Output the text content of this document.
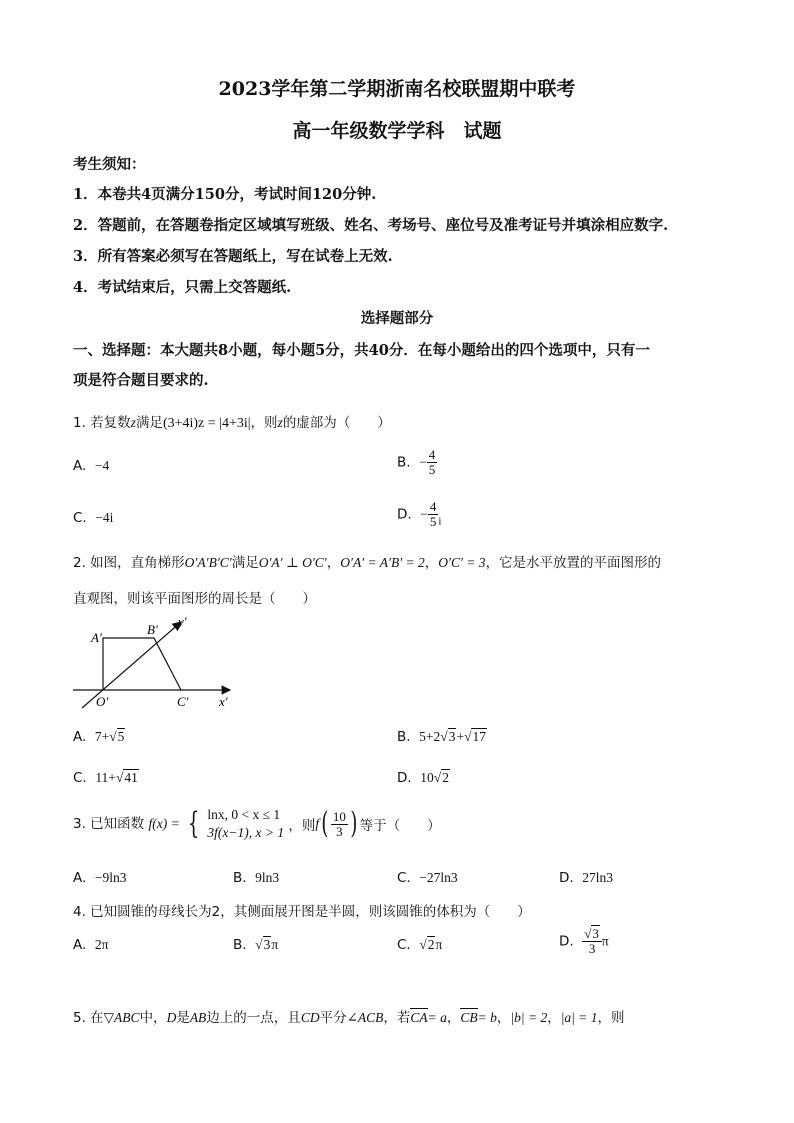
2023学年第二学期浙南名校联盟期中联考
高一年级数学学科　试题
考生须知：
1．本卷共4页满分150分，考试时间120分钟.
2．答题前，在答题卷指定区域填写班级、姓名、考场号、座位号及准考证号并填涂相应数字.
3．所有答案必须写在答题纸上，写在试卷上无效.
4．考试结束后，只需上交答题纸.
选择题部分
一、选择题：本大题共8小题，每小题5分，共40分．在每小题给出的四个选项中，只有一
项是符合题目要求的.
1. 若复数z满足(3+4i)z = |4+3i|，则z的虚部为（　　）
A.  −4	B.  − $\frac{4}{5}$
C.  −4i	D.  − $\frac{4}{5} _i$
2. 如图，直角梯形O′A′B′C′满足O′A′ ⊥ O′C′，O′A′ = A′B′ = 2，O′C′ = 3，它是水平放置的平面图形的
直观图，则该平面图形的周长是（　　）
A′
B′
O′	C′ x′
y′
A.  7+√5	B.  5+2√3+√17
C.  11+√41	D.  10√2
3. 已知函数 f(x) = { lnx, 0 < x ≤ 1
3f(x−1), x > 1 ，则$f( \frac{10}{3}$ ) 等于（　　）
A.  −9ln3	B.  9ln3	C.  −27ln3	D.  27ln3
4. 已知圆锥的母线长为2，其侧面展开图是半圆，则该圆锥的体积为（　　）
A.  2π	B.  √3π	C.  √2π	D. $\frac{√3}{3}$ π
5. 在▽ABC中，D是AB边上的一点，且CD平分∠ACB，若CA= a，CB= b，|b| = 2，|a| = 1，则
